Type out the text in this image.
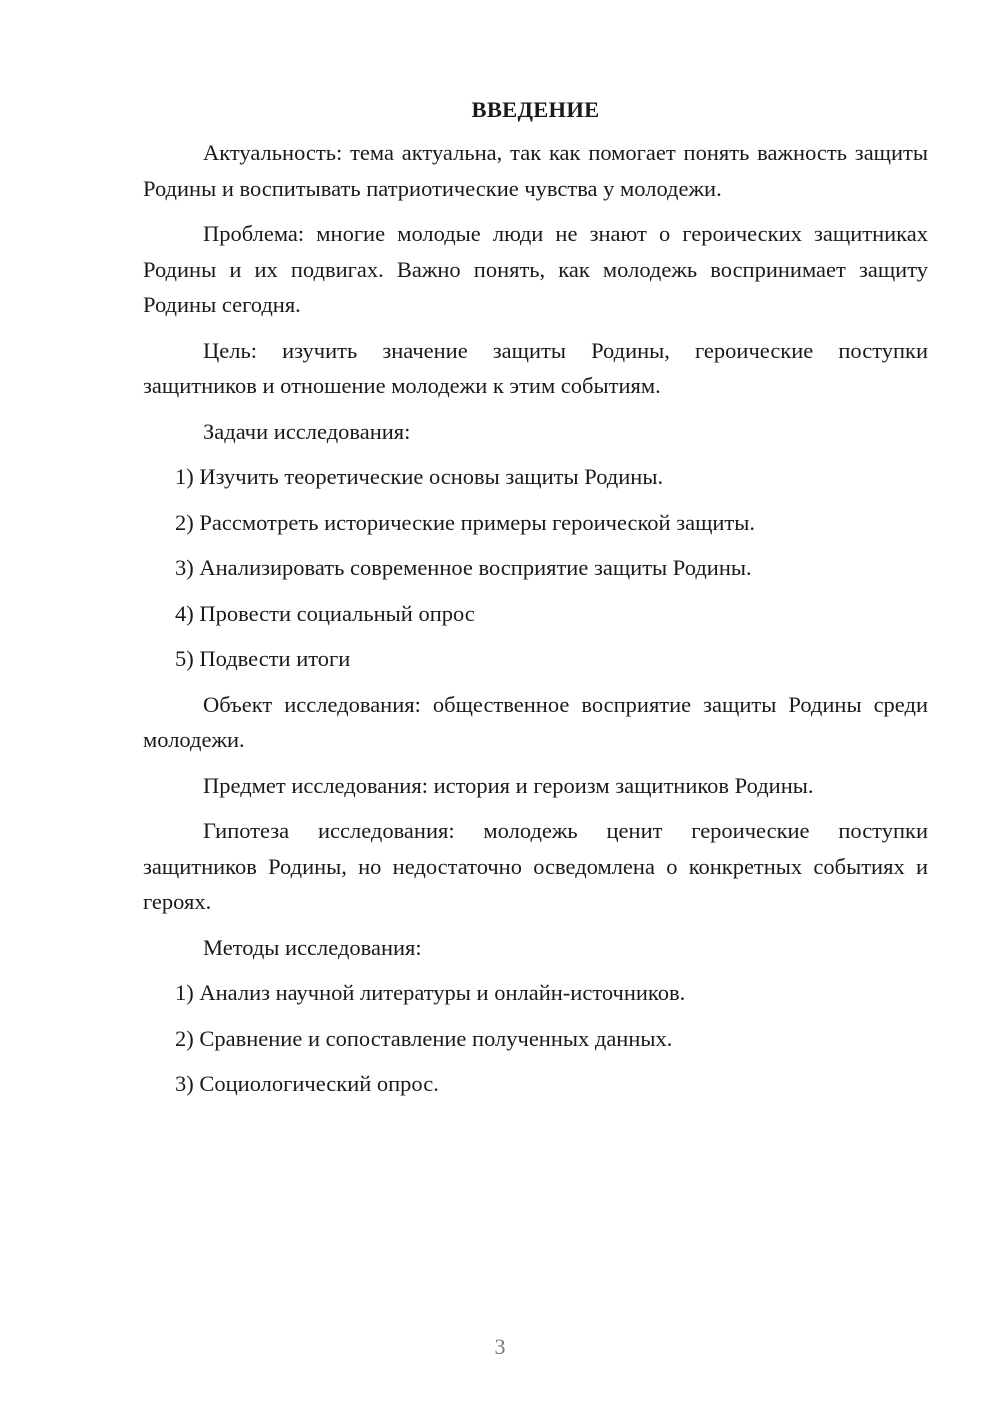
ВВЕДЕНИЕ

Актуальность: тема актуальна, так как помогает понять важность защиты Родины и воспитывать патриотические чувства у молодежи.

Проблема: многие молодые люди не знают о героических защитниках Родины и их подвигах. Важно понять, как молодежь воспринимает защиту Родины сегодня.

Цель: изучить значение защиты Родины, героические поступки защитников и отношение молодежи к этим событиям.

Задачи исследования:

1) Изучить теоретические основы защиты Родины.

2) Рассмотреть исторические примеры героической защиты.

3) Анализировать современное восприятие защиты Родины.

4) Провести социальный опрос

5) Подвести итоги

Объект исследования: общественное восприятие защиты Родины среди молодежи.

Предмет исследования: история и героизм защитников Родины.

Гипотеза исследования: молодежь ценит героические поступки защитников Родины, но недостаточно осведомлена о конкретных событиях и героях.

Методы исследования:

1) Анализ научной литературы и онлайн-источников.

2) Сравнение и сопоставление полученных данных.

3) Социологический опрос.

3
